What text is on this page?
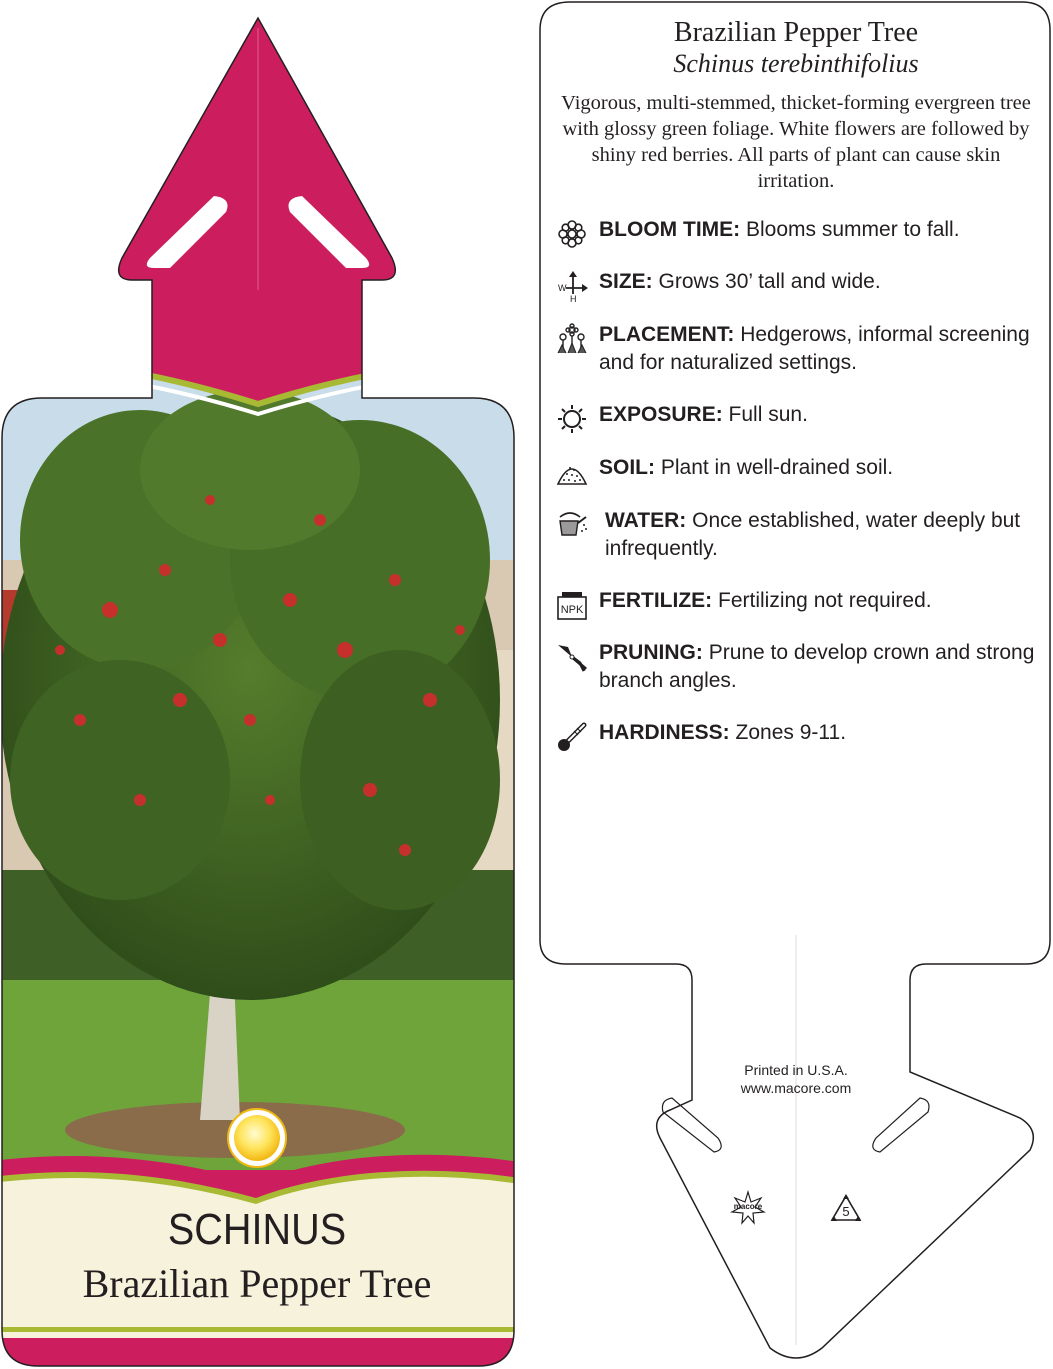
SCHINUS
Brazilian Pepper Tree
Brazilian Pepper Tree
Schinus terebinthifolius
Vigorous, multi-stemmed, thicket-forming evergreen tree with glossy green foliage. White flowers are followed by shiny red berries. All parts of plant can cause skin irritation.
BLOOM TIME: Blooms summer to fall.
W
H
SIZE: Grows 30’ tall and wide.
PLACEMENT: Hedgerows, informal screening and for naturalized settings.
EXPOSURE: Full sun.
SOIL: Plant in well-drained soil.
WATER: Once established, water deeply but infrequently.
NPK FERTILIZE: Fertilizing not required.
PRUNING: Prune to develop crown and strong branch angles.
HARDINESS: Zones 9-11.
Printed in U.S.A.
www.macore.com
macore	5
